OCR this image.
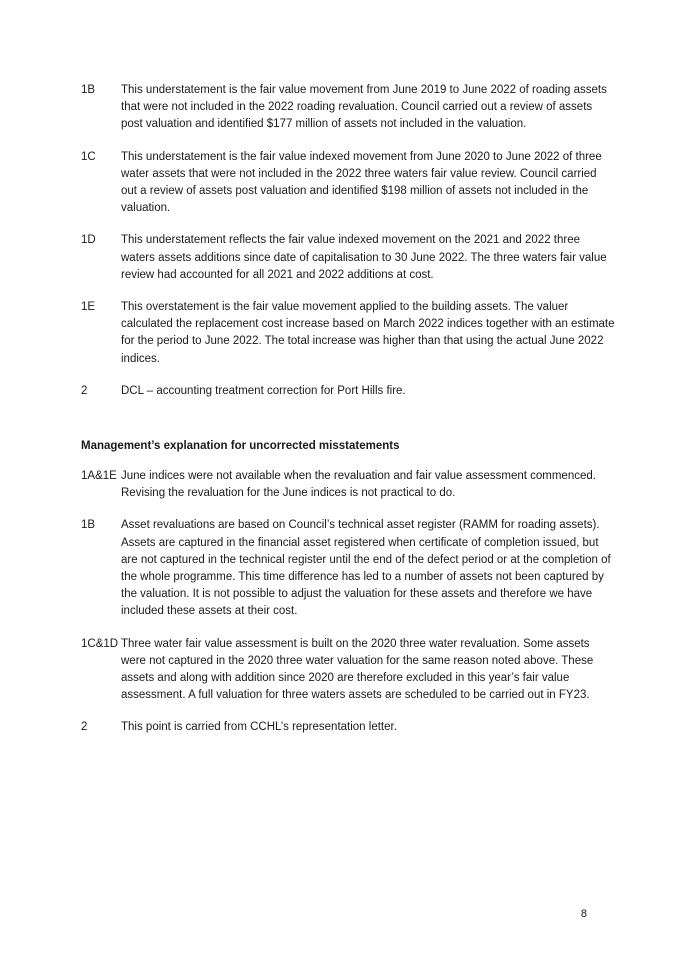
1B	This understatement is the fair value movement from June 2019 to June 2022 of roading assets that were not included in the 2022 roading revaluation. Council carried out a review of assets post valuation and identified $177 million of assets not included in the valuation.
1C	This understatement is the fair value indexed movement from June 2020 to June 2022 of three water assets that were not included in the 2022 three waters fair value review. Council carried out a review of assets post valuation and identified $198 million of assets not included in the valuation.
1D	This understatement reflects the fair value indexed movement on the 2021 and 2022 three waters assets additions since date of capitalisation to 30 June 2022. The three waters fair value review had accounted for all 2021 and 2022 additions at cost.
1E	This overstatement is the fair value movement applied to the building assets. The valuer calculated the replacement cost increase based on March 2022 indices together with an estimate for the period to June 2022. The total increase was higher than that using the actual June 2022 indices.
2	DCL – accounting treatment correction for Port Hills fire.
Management’s explanation for uncorrected misstatements
1A&1E June indices were not available when the revaluation and fair value assessment commenced. Revising the revaluation for the June indices is not practical to do.
1B	Asset revaluations are based on Council’s technical asset register (RAMM for roading assets). Assets are captured in the financial asset registered when certificate of completion issued, but are not captured in the technical register until the end of the defect period or at the completion of the whole programme. This time difference has led to a number of assets not been captured by the valuation. It is not possible to adjust the valuation for these assets and therefore we have included these assets at their cost.
1C&1D Three water fair value assessment is built on the 2020 three water revaluation. Some assets were not captured in the 2020 three water valuation for the same reason noted above. These assets and along with addition since 2020 are therefore excluded in this year’s fair value assessment. A full valuation for three waters assets are scheduled to be carried out in FY23.
2	This point is carried from CCHL’s representation letter.
8
